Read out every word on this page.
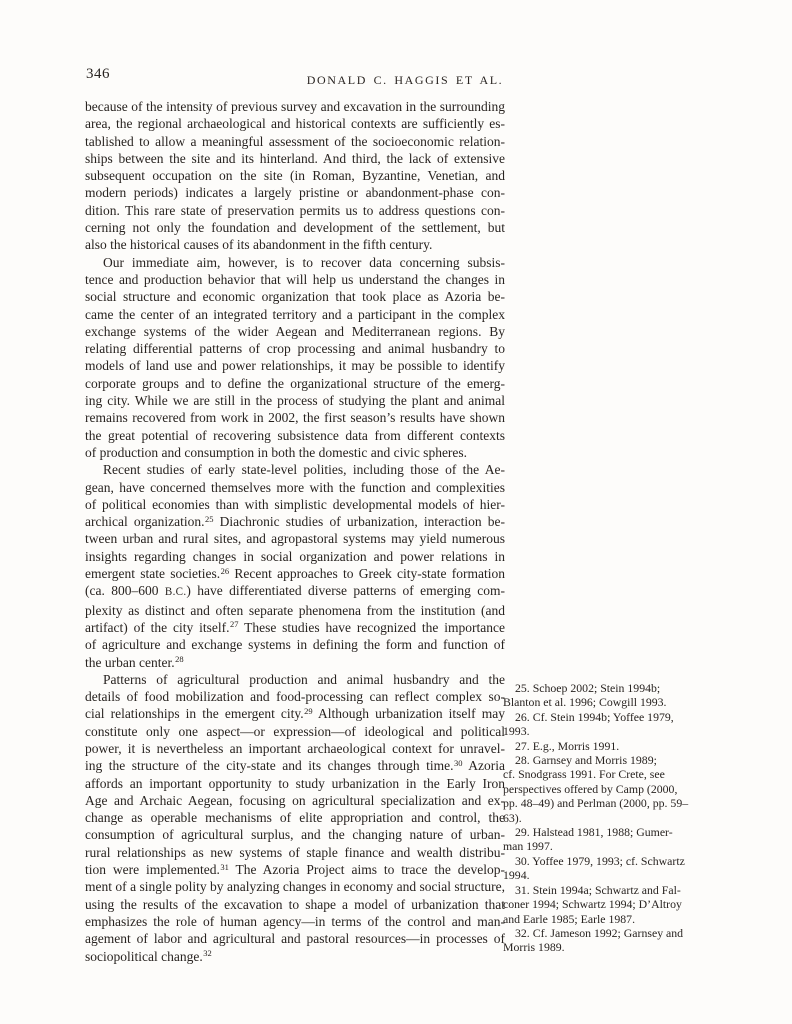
346	DONALD C. HAGGIS ET AL.
because of the intensity of previous survey and excavation in the surrounding
area, the regional archaeological and historical contexts are sufficiently es-
tablished to allow a meaningful assessment of the socioeconomic relation-
ships between the site and its hinterland. And third, the lack of extensive
subsequent occupation on the site (in Roman, Byzantine, Venetian, and
modern periods) indicates a largely pristine or abandonment-phase con-
dition. This rare state of preservation permits us to address questions con-
cerning not only the foundation and development of the settlement, but
also the historical causes of its abandonment in the fifth century.
Our immediate aim, however, is to recover data concerning subsis-
tence and production behavior that will help us understand the changes in
social structure and economic organization that took place as Azoria be-
came the center of an integrated territory and a participant in the complex
exchange systems of the wider Aegean and Mediterranean regions. By
relating differential patterns of crop processing and animal husbandry to
models of land use and power relationships, it may be possible to identify
corporate groups and to define the organizational structure of the emerg-
ing city. While we are still in the process of studying the plant and animal
remains recovered from work in 2002, the first season’s results have shown
the great potential of recovering subsistence data from different contexts
of production and consumption in both the domestic and civic spheres.
Recent studies of early state-level polities, including those of the Ae-
gean, have concerned themselves more with the function and complexities
of political economies than with simplistic developmental models of hier-
archical organization.$^{25}$ Diachronic studies of urbanization, interaction be-
tween urban and rural sites, and agropastoral systems may yield numerous
insights regarding changes in social organization and power relations in
emergent state societies.$^{26}$ Recent approaches to Greek city-state formation
(ca. 800–600 B.C.) have differentiated diverse patterns of emerging com-
plexity as distinct and often separate phenomena from the institution (and
artifact) of the city itself.$^{27}$ These studies have recognized the importance
of agriculture and exchange systems in defining the form and function of
the urban center.$^{28}$
Patterns of agricultural production and animal husbandry and the
details of food mobilization and food-processing can reflect complex so-
cial relationships in the emergent city.$^{29}$ Although urbanization itself may
constitute only one aspect—or expression—of ideological and political
power, it is nevertheless an important archaeological context for unravel-
ing the structure of the city-state and its changes through time.$^{30}$ Azoria
affords an important opportunity to study urbanization in the Early Iron
Age and Archaic Aegean, focusing on agricultural specialization and ex-
change as operable mechanisms of elite appropriation and control, the
consumption of agricultural surplus, and the changing nature of urban-
rural relationships as new systems of staple finance and wealth distribu-
tion were implemented.$^{31}$ The Azoria Project aims to trace the develop-
ment of a single polity by analyzing changes in economy and social structure,
using the results of the excavation to shape a model of urbanization that
emphasizes the role of human agency—in terms of the control and man-
agement of labor and agricultural and pastoral resources—in processes of
sociopolitical change.$^{32}$
25. Schoep 2002; Stein 1994b;
Blanton et al. 1996; Cowgill 1993.
26. Cf. Stein 1994b; Yoffee 1979,
1993.
27. E.g., Morris 1991.
28. Garnsey and Morris 1989;
cf. Snodgrass 1991. For Crete, see
perspectives offered by Camp (2000,
pp. 48–49) and Perlman (2000, pp. 59–
63).
29. Halstead 1981, 1988; Gumer-
man 1997.
30. Yoffee 1979, 1993; cf. Schwartz
1994.
31. Stein 1994a; Schwartz and Fal-
coner 1994; Schwartz 1994; D’Altroy
and Earle 1985; Earle 1987.
32. Cf. Jameson 1992; Garnsey and
Morris 1989.
